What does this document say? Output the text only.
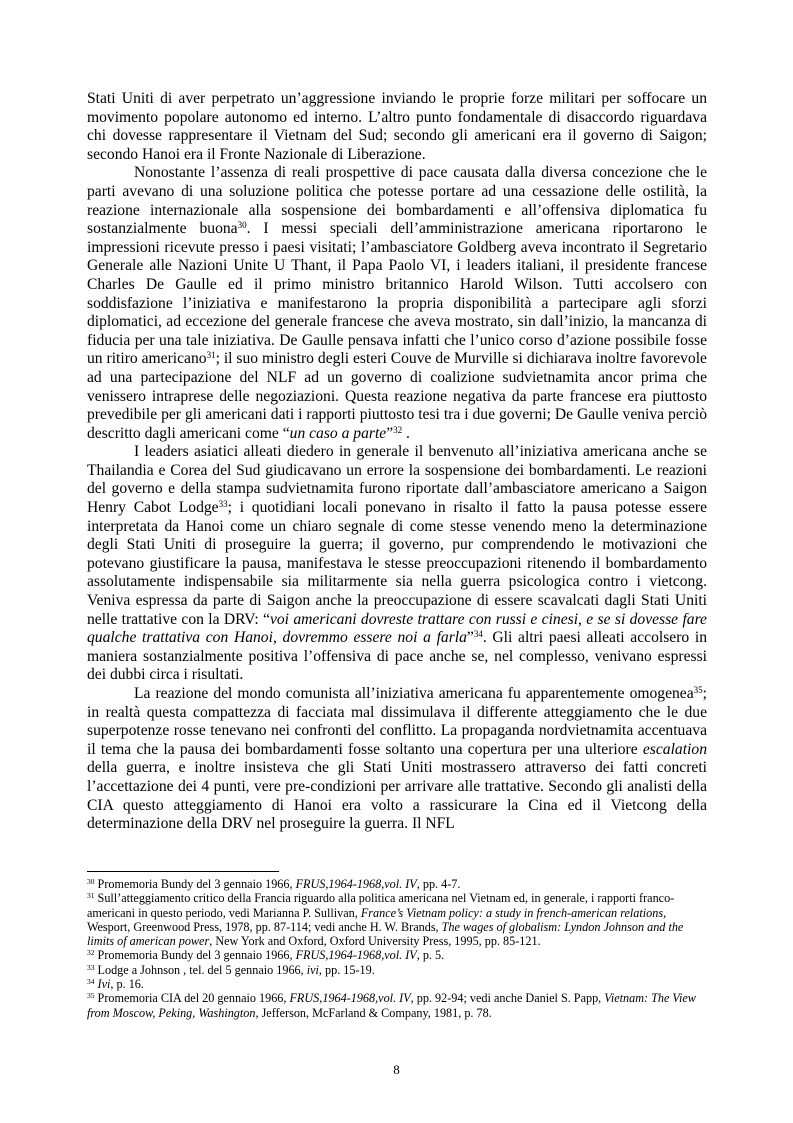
Stati Uniti di aver perpetrato un’aggressione inviando le proprie forze militari per soffocare un movimento popolare autonomo ed interno. L’altro punto fondamentale di disaccordo riguardava chi dovesse rappresentare il Vietnam del Sud; secondo gli americani era il governo di Saigon; secondo Hanoi era il Fronte Nazionale di Liberazione.

Nonostante l’assenza di reali prospettive di pace causata dalla diversa concezione che le parti avevano di una soluzione politica che potesse portare ad una cessazione delle ostilità, la reazione internazionale alla sospensione dei bombardamenti e all’offensiva diplomatica fu sostanzialmente buona$^{30}$. I messi speciali dell’amministrazione americana riportarono le impressioni ricevute presso i paesi visitati; l’ambasciatore Goldberg aveva incontrato il Segretario Generale alle Nazioni Unite U Thant, il Papa Paolo VI, i leaders italiani, il presidente francese Charles De Gaulle ed il primo ministro britannico Harold Wilson. Tutti accolsero con soddisfazione l’iniziativa e manifestarono la propria disponibilità a partecipare agli sforzi diplomatici, ad eccezione del generale francese che aveva mostrato, sin dall’inizio, la mancanza di fiducia per una tale iniziativa. De Gaulle pensava infatti che l’unico corso d’azione possibile fosse un ritiro americano$^{31}$; il suo ministro degli esteri Couve de Murville si dichiarava inoltre favorevole ad una partecipazione del NLF ad un governo di coalizione sudvietnamita ancor prima che venissero intraprese delle negoziazioni. Questa reazione negativa da parte francese era piuttosto prevedibile per gli americani dati i rapporti piuttosto tesi tra i due governi; De Gaulle veniva perciò descritto dagli americani come “un caso a parte”$^{32}$ .

I leaders asiatici alleati diedero in generale il benvenuto all’iniziativa americana anche se Thailandia e Corea del Sud giudicavano un errore la sospensione dei bombardamenti. Le reazioni del governo e della stampa sudvietnamita furono riportate dall’ambasciatore americano a Saigon Henry Cabot Lodge$^{33}$; i quotidiani locali ponevano in risalto il fatto la pausa potesse essere interpretata da Hanoi come un chiaro segnale di come stesse venendo meno la determinazione degli Stati Uniti di proseguire la guerra; il governo, pur comprendendo le motivazioni che potevano giustificare la pausa, manifestava le stesse preoccupazioni ritenendo il bombardamento assolutamente indispensabile sia militarmente sia nella guerra psicologica contro i vietcong. Veniva espressa da parte di Saigon anche la preoccupazione di essere scavalcati dagli Stati Uniti nelle trattative con la DRV: “voi americani dovreste trattare con russi e cinesi, e se si dovesse fare qualche trattativa con Hanoi, dovremmo essere noi a farla”$^{34}$. Gli altri paesi alleati accolsero in maniera sostanzialmente positiva l’offensiva di pace anche se, nel complesso, venivano espressi dei dubbi circa i risultati.

La reazione del mondo comunista all’iniziativa americana fu apparentemente omogenea$^{35}$; in realtà questa compattezza di facciata mal dissimulava il differente atteggiamento che le due superpotenze rosse tenevano nei confronti del conflitto. La propaganda nordvietnamita accentuava il tema che la pausa dei bombardamenti fosse soltanto una copertura per una ulteriore escalation della guerra, e inoltre insisteva che gli Stati Uniti mostrassero attraverso dei fatti concreti l’accettazione dei 4 punti, vere pre-condizioni per arrivare alle trattative. Secondo gli analisti della CIA questo atteggiamento di Hanoi era volto a rassicurare la Cina ed il Vietcong della determinazione della DRV nel proseguire la guerra. Il NFL

$^{30}$ Promemoria Bundy del 3 gennaio 1966, FRUS,1964-1968,vol. IV, pp. 4-7.

$^{31}$ Sull’atteggiamento critico della Francia riguardo alla politica americana nel Vietnam ed, in generale, i rapporti franco-americani in questo periodo, vedi Marianna P. Sullivan, France’s Vietnam policy: a study in french-american relations, Wesport, Greenwood Press, 1978, pp. 87-114; vedi anche H. W. Brands, The wages of globalism: Lyndon Johnson and the limits of american power, New York and Oxford, Oxford University Press, 1995, pp. 85-121.

$^{32}$ Promemoria Bundy del 3 gennaio 1966, FRUS,1964-1968,vol. IV, p. 5.

$^{33}$ Lodge a Johnson , tel. del 5 gennaio 1966, ivi, pp. 15-19.

$^{34}$ Ivi, p. 16.

$^{35}$ Promemoria CIA del 20 gennaio 1966, FRUS,1964-1968,vol. IV, pp. 92-94; vedi anche Daniel S. Papp, Vietnam: The View from Moscow, Peking, Washington, Jefferson, McFarland & Company, 1981, p. 78.

8
